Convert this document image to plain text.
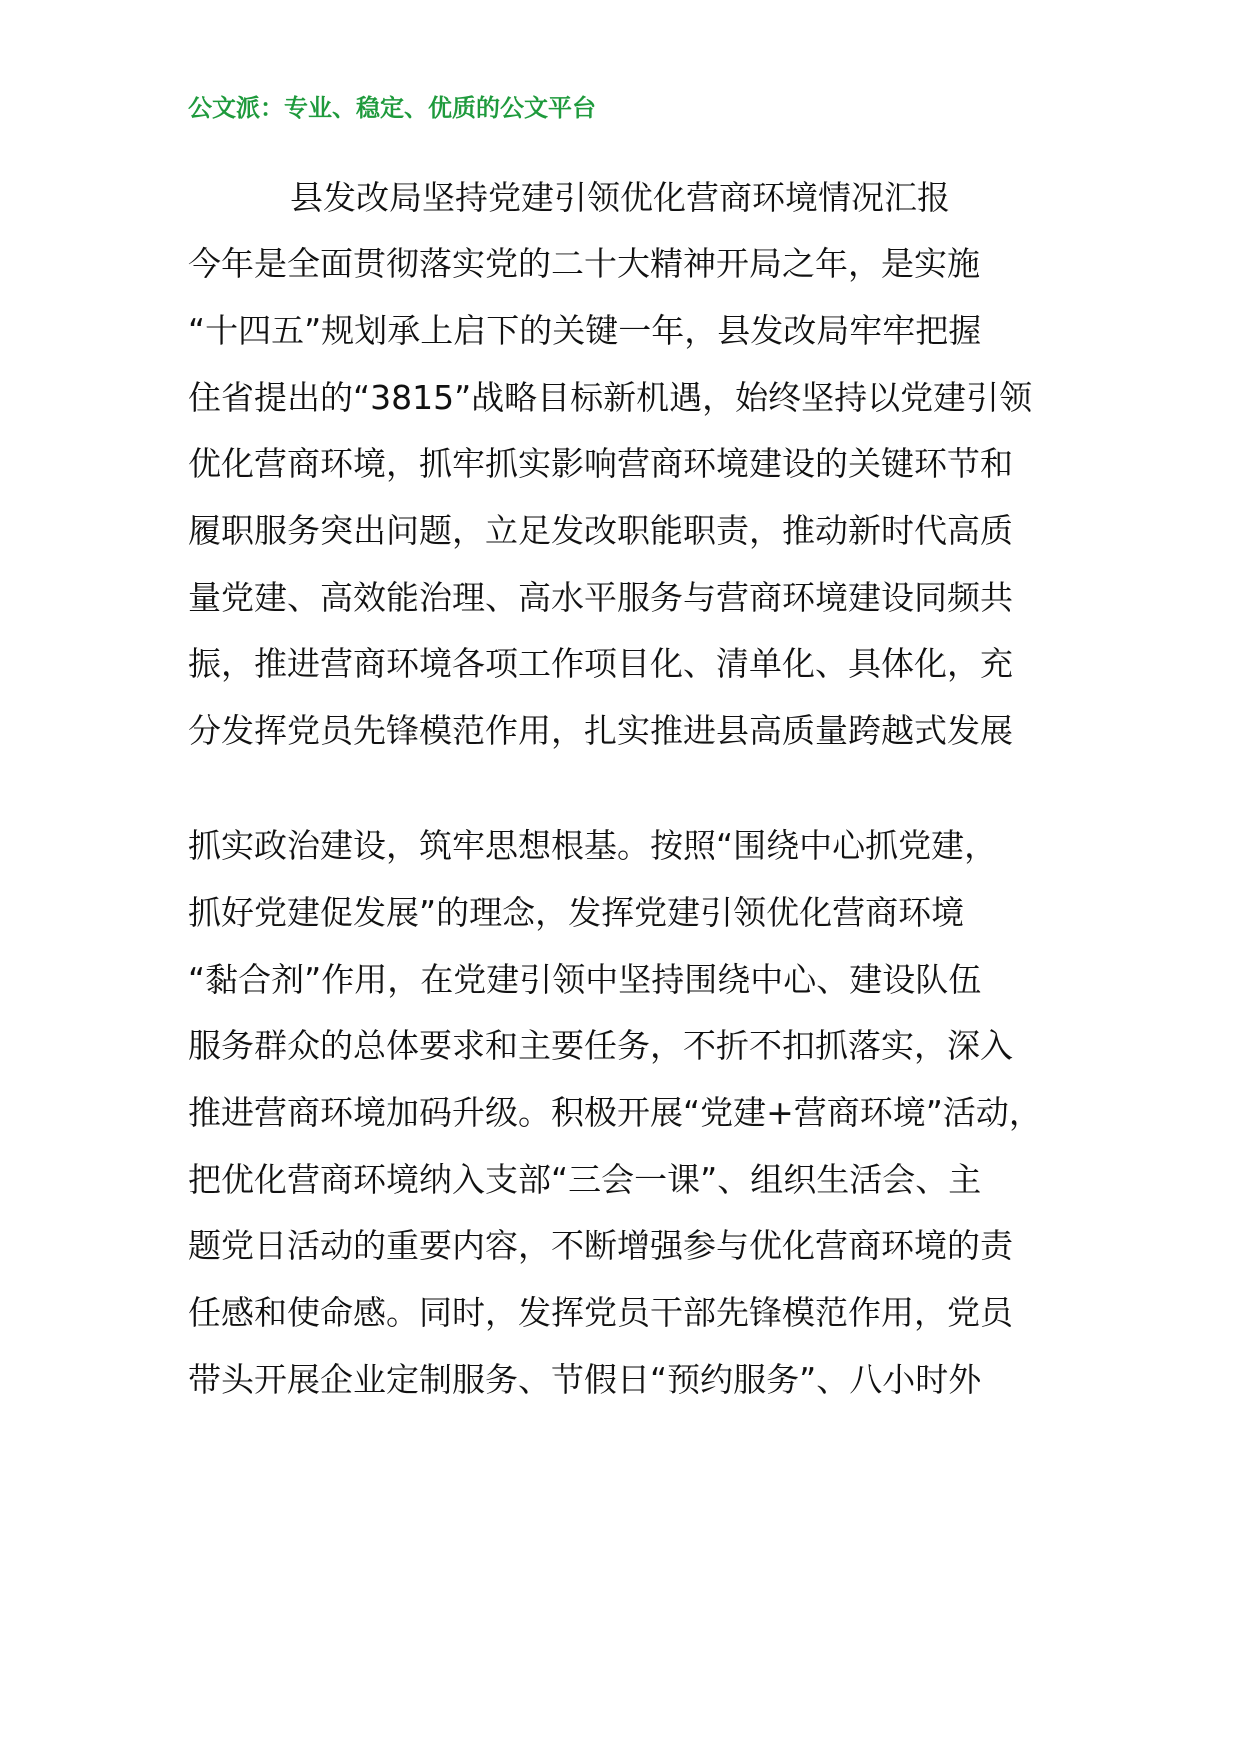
公文派：专业、稳定、优质的公文平台
县发改局坚持党建引领优化营商环境情况汇报
今年是全面贯彻落实党的二十大精神开局之年，是实施
“十四五”规划承上启下的关键一年，县发改局牢牢把握
住省提出的“3815”战略目标新机遇，始终坚持以党建引领
优化营商环境，抓牢抓实影响营商环境建设的关键环节和
履职服务突出问题，立足发改职能职责，推动新时代高质
量党建、高效能治理、高水平服务与营商环境建设同频共
振，推进营商环境各项工作项目化、清单化、具体化，充
分发挥党员先锋模范作用，扎实推进县高质量跨越式发展
抓实政治建设，筑牢思想根基。按照“围绕中心抓党建，
抓好党建促发展”的理念，发挥党建引领优化营商环境
“黏合剂”作用，在党建引领中坚持围绕中心、建设队伍
服务群众的总体要求和主要任务，不折不扣抓落实，深入
推进营商环境加码升级。积极开展“党建+营商环境”活动，
把优化营商环境纳入支部“三会一课”、组织生活会、主
题党日活动的重要内容，不断增强参与优化营商环境的责
任感和使命感。同时，发挥党员干部先锋模范作用，党员
带头开展企业定制服务、节假日“预约服务”、八小时外
